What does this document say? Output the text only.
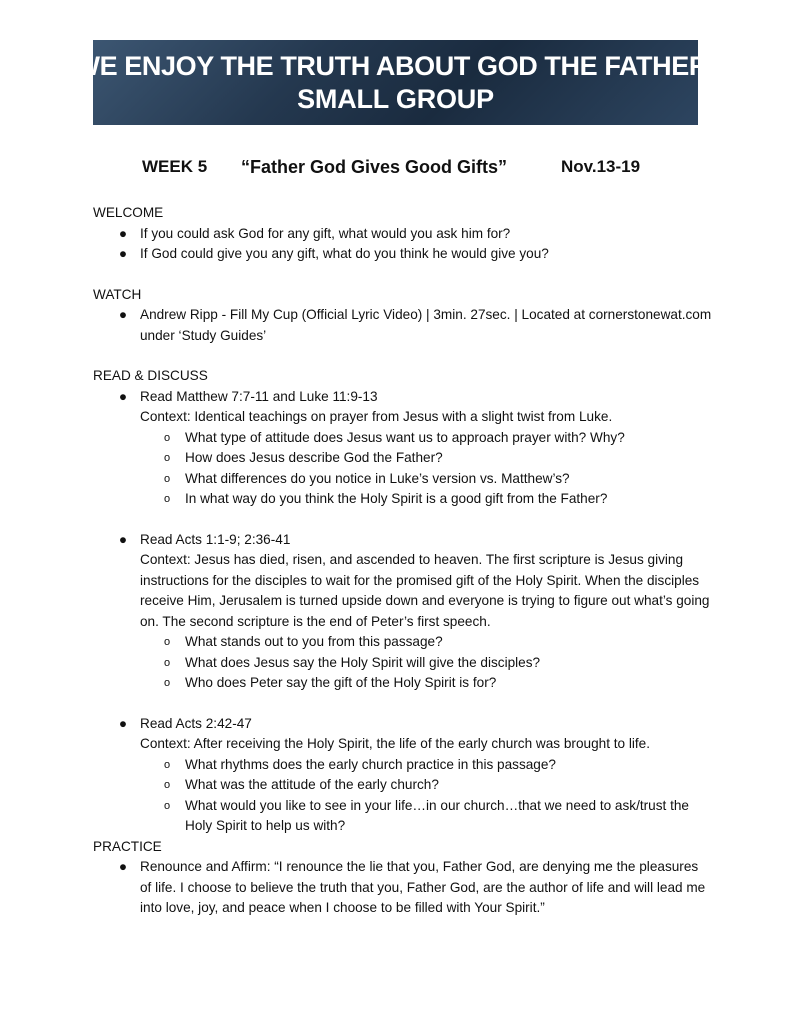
WE ENJOY THE TRUTH ABOUT GOD THE FATHER!
SMALL GROUP
WEEK 5 “Father God Gives Good Gifts”	Nov.13-19
WELCOME
● If you could ask God for any gift, what would you ask him for?
● If God could give you any gift, what do you think he would give you?
WATCH
● Andrew Ripp - Fill My Cup (Official Lyric Video) | 3min. 27sec. | Located at cornerstonewat.com under ‘Study Guides’
READ & DISCUSS
● Read Matthew 7:7-11 and Luke 11:9-13
Context: Identical teachings on prayer from Jesus with a slight twist from Luke.
o What type of attitude does Jesus want us to approach prayer with? Why?
o How does Jesus describe God the Father?
o What differences do you notice in Luke’s version vs. Matthew’s?
o In what way do you think the Holy Spirit is a good gift from the Father?
● Read Acts 1:1-9; 2:36-41
Context: Jesus has died, risen, and ascended to heaven. The first scripture is Jesus giving instructions for the disciples to wait for the promised gift of the Holy Spirit. When the disciples receive Him, Jerusalem is turned upside down and everyone is trying to figure out what’s going on. The second scripture is the end of Peter’s first speech.
o What stands out to you from this passage?
o What does Jesus say the Holy Spirit will give the disciples?
o Who does Peter say the gift of the Holy Spirit is for?
● Read Acts 2:42-47
Context: After receiving the Holy Spirit, the life of the early church was brought to life.
o What rhythms does the early church practice in this passage?
o What was the attitude of the early church?
o What would you like to see in your life…in our church…that we need to ask/trust the Holy Spirit to help us with?
PRACTICE
● Renounce and Affirm: “I renounce the lie that you, Father God, are denying me the pleasures of life. I choose to believe the truth that you, Father God, are the author of life and will lead me into love, joy, and peace when I choose to be filled with Your Spirit.”
